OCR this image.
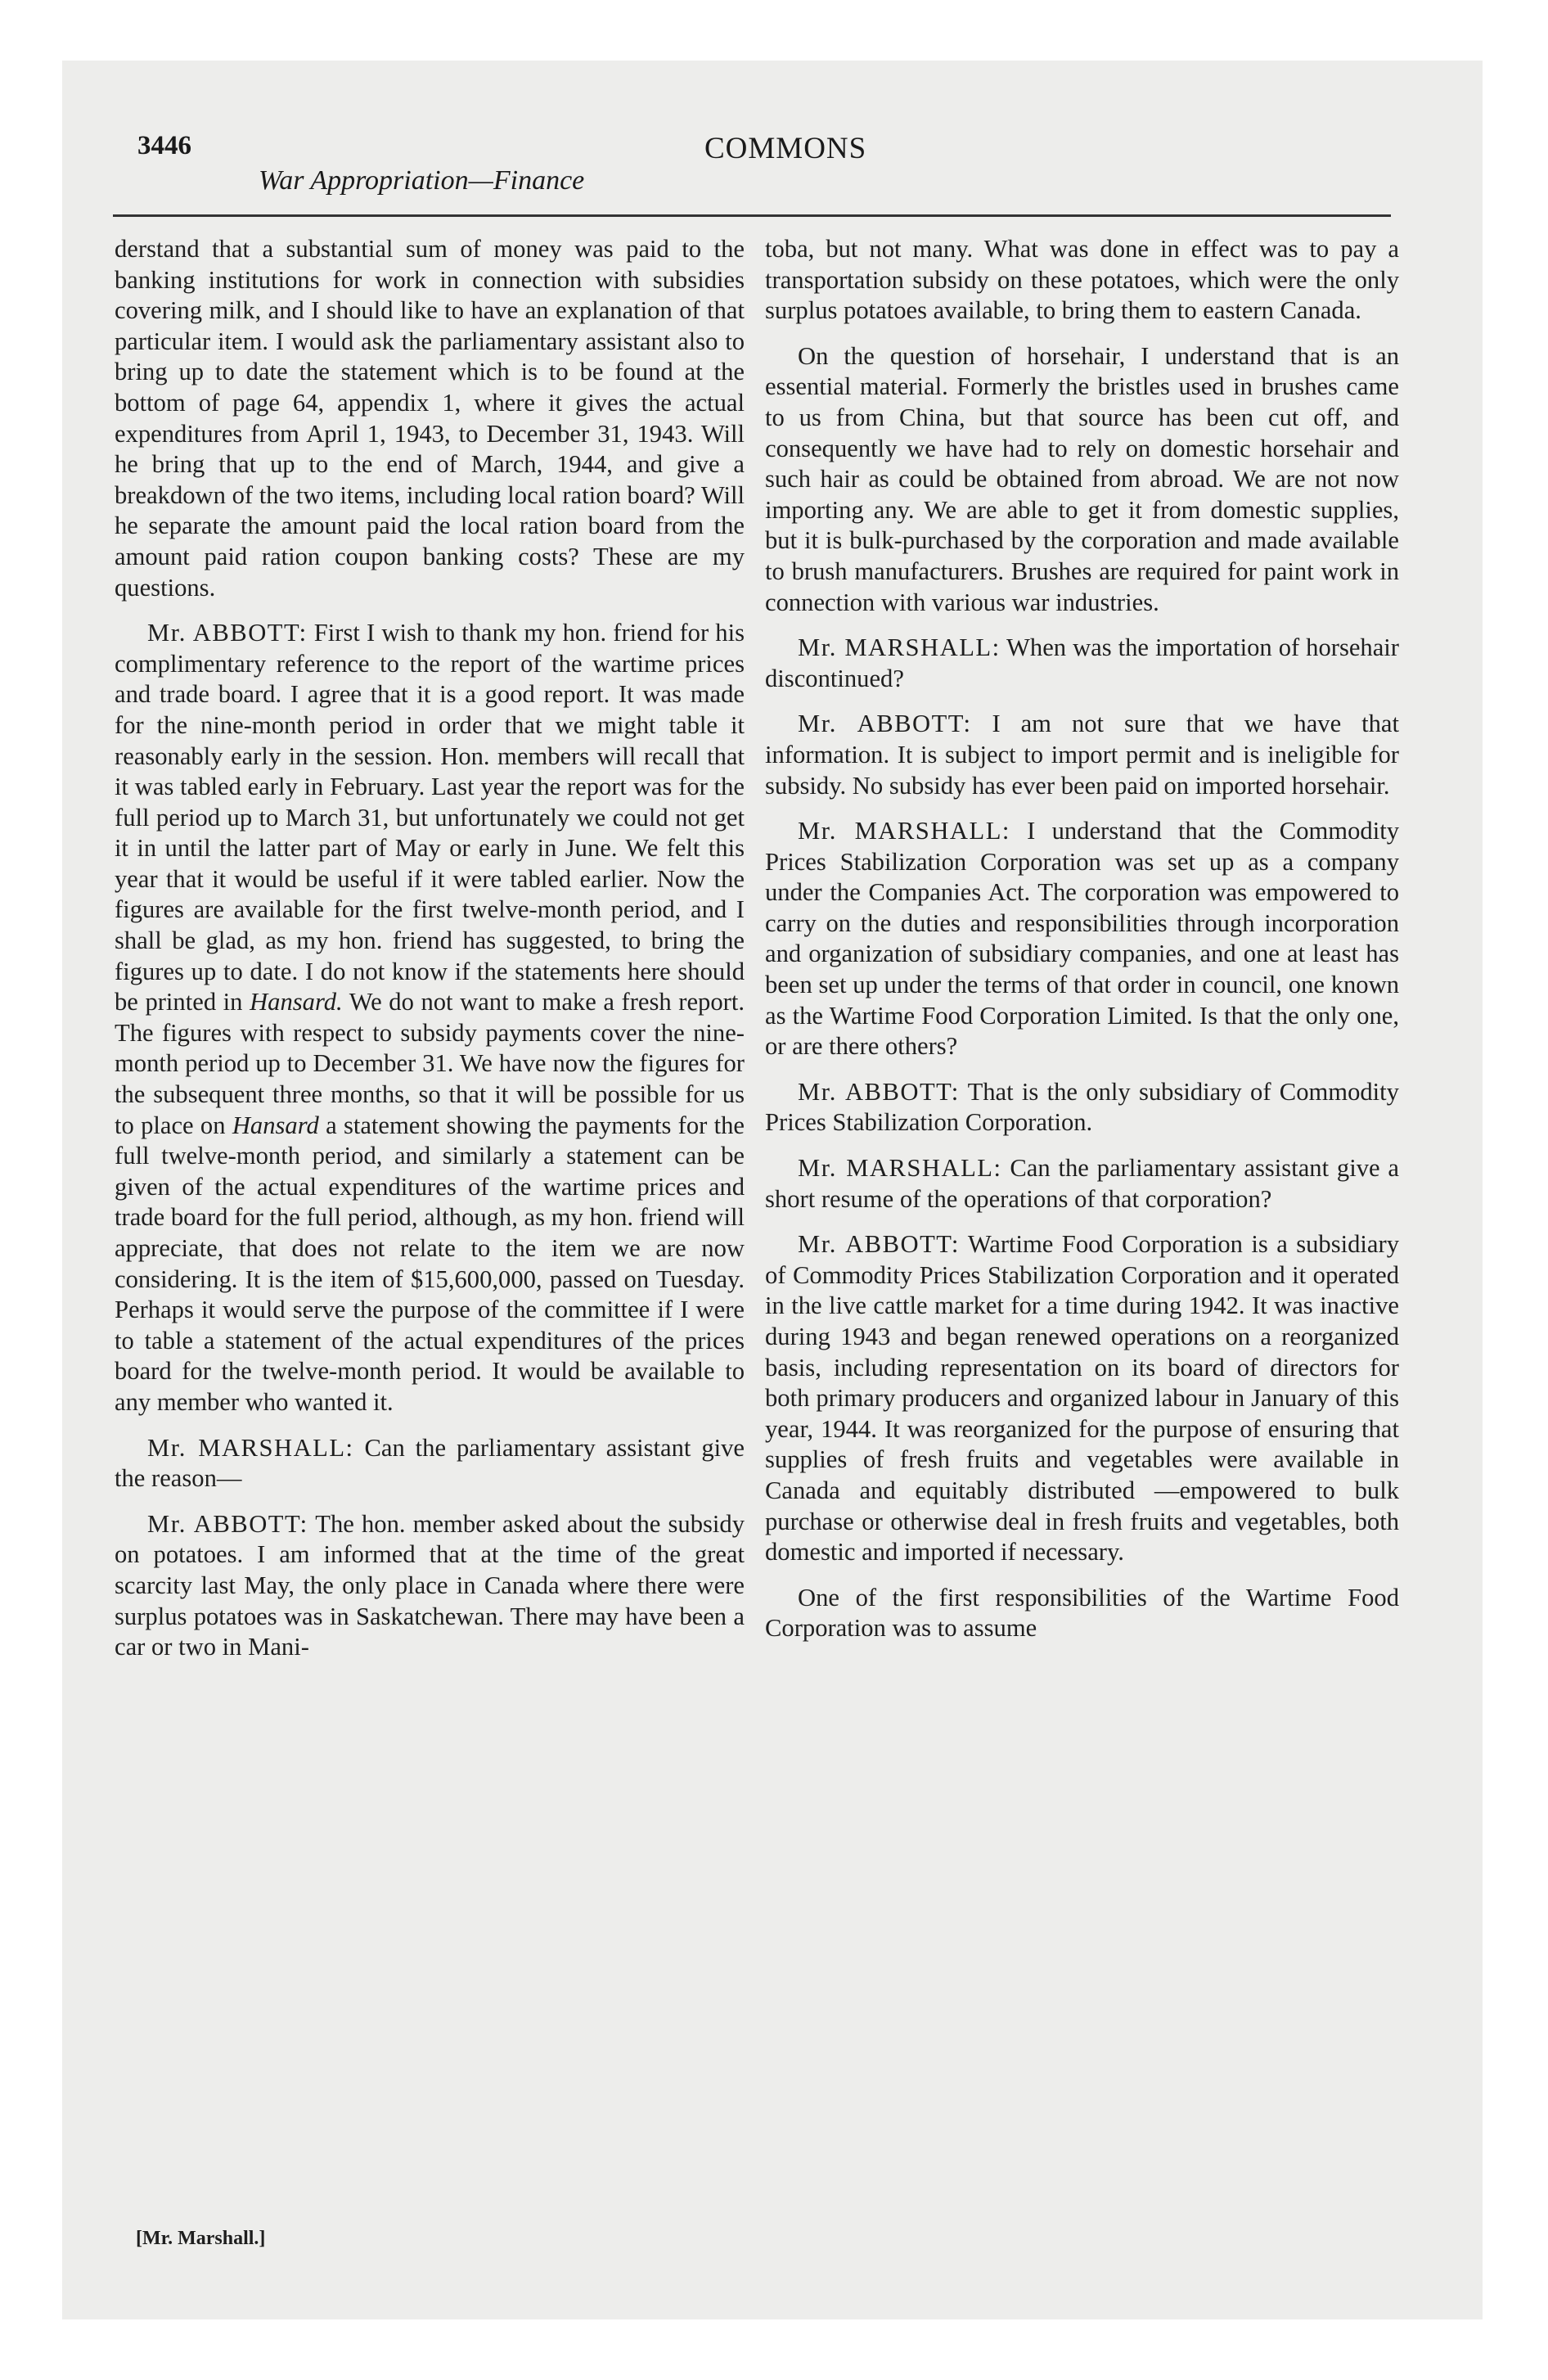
3446
War Appropriation—Finance
COMMONS

derstand that a substantial sum of money was paid to the banking institutions for work in connection with subsidies covering milk, and I should like to have an explanation of that particular item. I would ask the parliamentary assistant also to bring up to date the statement which is to be found at the bottom of page 64, appendix 1, where it gives the actual expenditures from April 1, 1943, to December 31, 1943. Will he bring that up to the end of March, 1944, and give a breakdown of the two items, including local ration board? Will he separate the amount paid the local ration board from the amount paid ration coupon banking costs? These are my questions.

Mr. ABBOTT: First I wish to thank my hon. friend for his complimentary reference to the report of the wartime prices and trade board. I agree that it is a good report. It was made for the nine-month period in order that we might table it reasonably early in the session. Hon. members will recall that it was tabled early in February. Last year the report was for the full period up to March 31, but unfortunately we could not get it in until the latter part of May or early in June. We felt this year that it would be useful if it were tabled earlier. Now the figures are available for the first twelve-month period, and I shall be glad, as my hon. friend has suggested, to bring the figures up to date. I do not know if the statements here should be printed in Hansard. We do not want to make a fresh report. The figures with respect to subsidy payments cover the nine-month period up to December 31. We have now the figures for the subsequent three months, so that it will be possible for us to place on Hansard a statement showing the payments for the full twelve-month period, and similarly a statement can be given of the actual expenditures of the wartime prices and trade board for the full period, although, as my hon. friend will appreciate, that does not relate to the item we are now considering. It is the item of $15,600,000, passed on Tuesday. Perhaps it would serve the purpose of the committee if I were to table a statement of the actual expenditures of the prices board for the twelve-month period. It would be available to any member who wanted it.

Mr. MARSHALL: Can the parliamentary assistant give the reason—

Mr. ABBOTT: The hon. member asked about the subsidy on potatoes. I am informed that at the time of the great scarcity last May, the only place in Canada where there were surplus potatoes was in Saskatchewan. There may have been a car or two in Mani-

toba, but not many. What was done in effect was to pay a transportation subsidy on these potatoes, which were the only surplus potatoes available, to bring them to eastern Canada.

On the question of horsehair, I understand that is an essential material. Formerly the bristles used in brushes came to us from China, but that source has been cut off, and consequently we have had to rely on domestic horsehair and such hair as could be obtained from abroad. We are not now importing any. We are able to get it from domestic supplies, but it is bulk-purchased by the corporation and made available to brush manufacturers. Brushes are required for paint work in connection with various war industries.

Mr. MARSHALL: When was the importation of horsehair discontinued?

Mr. ABBOTT: I am not sure that we have that information. It is subject to import permit and is ineligible for subsidy. No subsidy has ever been paid on imported horsehair.

Mr. MARSHALL: I understand that the Commodity Prices Stabilization Corporation was set up as a company under the Companies Act. The corporation was empowered to carry on the duties and responsibilities through incorporation and organization of subsidiary companies, and one at least has been set up under the terms of that order in council, one known as the Wartime Food Corporation Limited. Is that the only one, or are there others?

Mr. ABBOTT: That is the only subsidiary of Commodity Prices Stabilization Corporation.

Mr. MARSHALL: Can the parliamentary assistant give a short resume of the operations of that corporation?

Mr. ABBOTT: Wartime Food Corporation is a subsidiary of Commodity Prices Stabilization Corporation and it operated in the live cattle market for a time during 1942. It was inactive during 1943 and began renewed operations on a reorganized basis, including representation on its board of directors for both primary producers and organized labour in January of this year, 1944. It was reorganized for the purpose of ensuring that supplies of fresh fruits and vegetables were available in Canada and equitably distributed —empowered to bulk purchase or otherwise deal in fresh fruits and vegetables, both domestic and imported if necessary.

One of the first responsibilities of the Wartime Food Corporation was to assume

[Mr. Marshall.]
